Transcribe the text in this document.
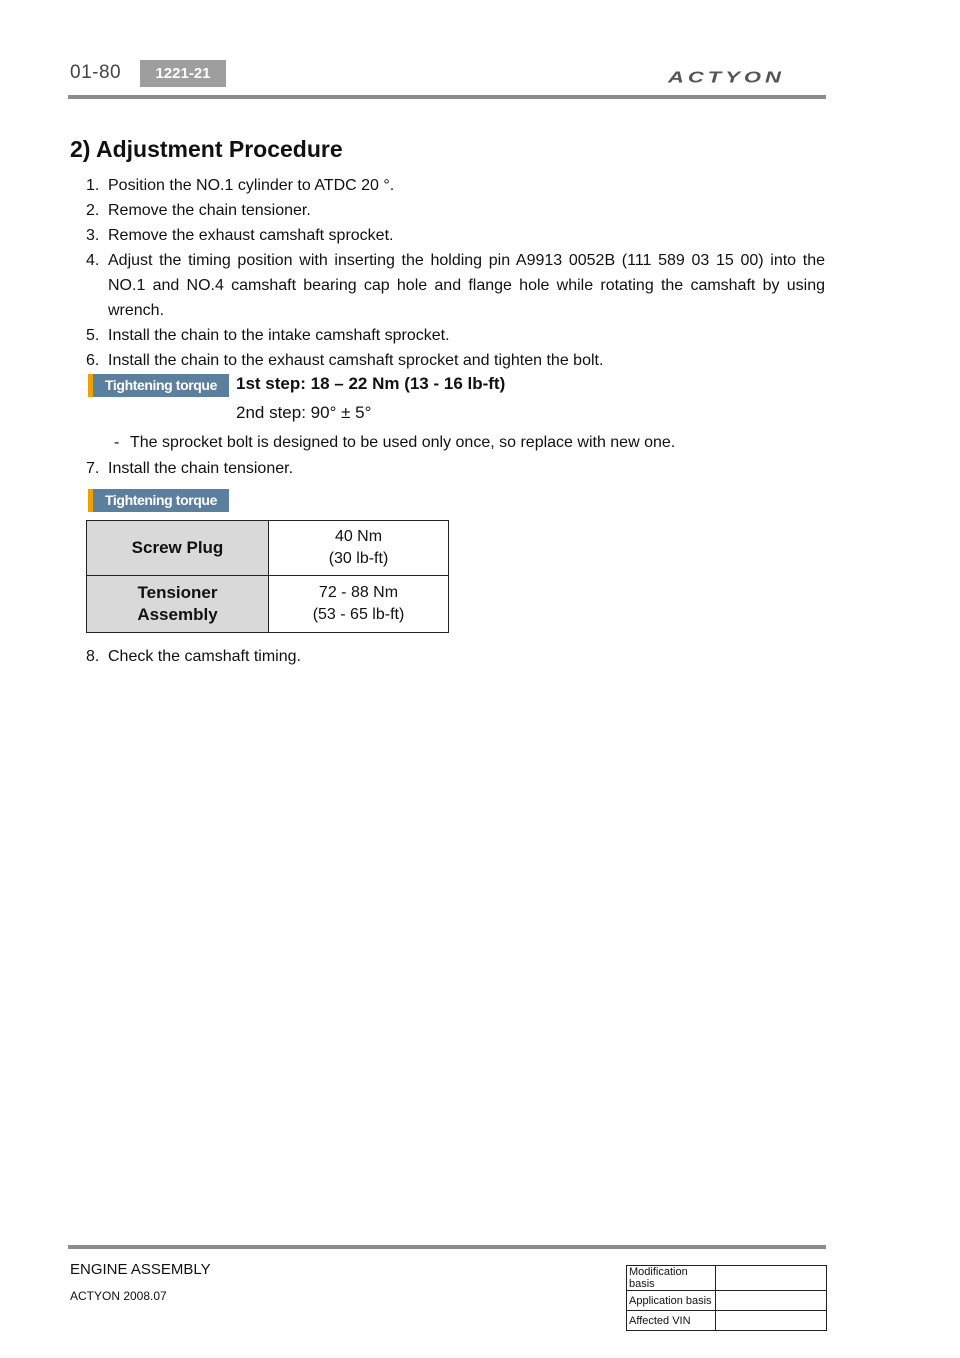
01-80	1221-21	ACTYON
2) Adjustment Procedure
1. Position the NO.1 cylinder to ATDC 20 °.
2. Remove the chain tensioner.
3. Remove the exhaust camshaft sprocket.
4. Adjust the timing position with inserting the holding pin A9913 0052B (111 589 03 15 00) into the NO.1 and NO.4 camshaft bearing cap hole and flange hole while rotating the camshaft by using wrench.
5. Install the chain to the intake camshaft sprocket.
6. Install the chain to the exhaust camshaft sprocket and tighten the bolt.
Tightening torque	1st step: 18 – 22 Nm (13 - 16 lb-ft)
2nd step: 90° ± 5°
- The sprocket bolt is designed to be used only once, so replace with new one.
7. Install the chain tensioner.
Tightening torque
Screw Plug	40 Nm
(30 lb-ft)
Tensioner
Assembly	72 - 88 Nm
(53 - 65 lb-ft)
8. Check the camshaft timing.
ENGINE ASSEMBLY
ACTYON 2008.07
Modification basis	
Application basis	
Affected VIN	
